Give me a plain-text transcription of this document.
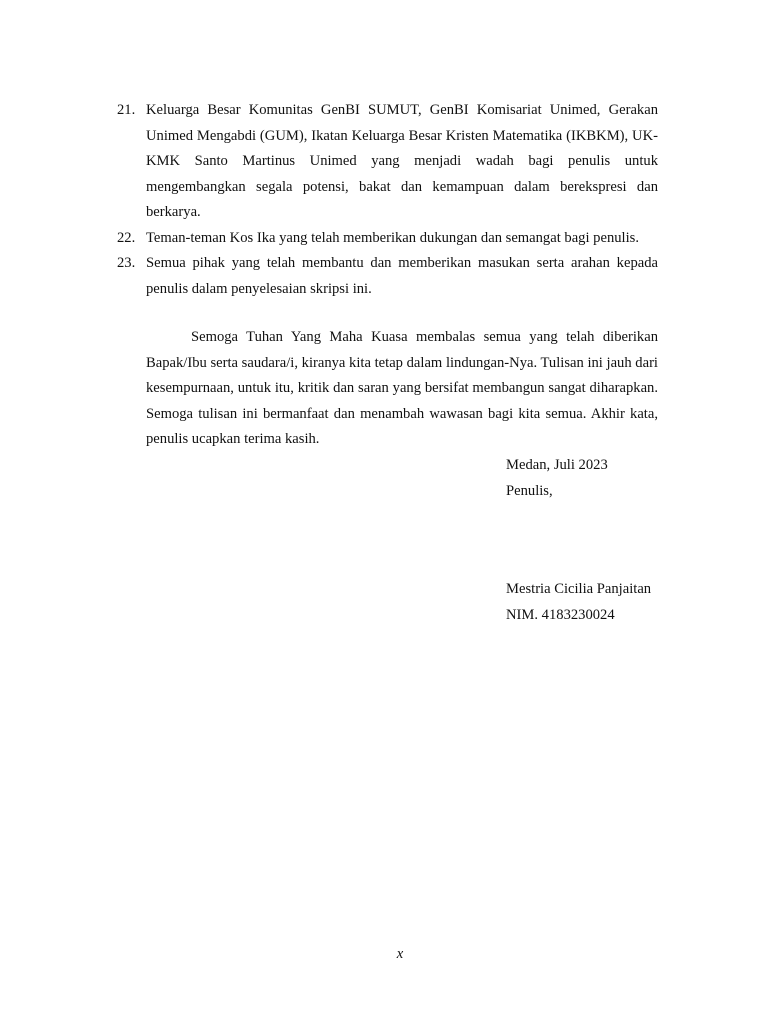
21. Keluarga Besar Komunitas GenBI SUMUT, GenBI Komisariat Unimed, Gerakan Unimed Mengabdi (GUM), Ikatan Keluarga Besar Kristen Matematika (IKBKM), UK-KMK Santo Martinus Unimed yang menjadi wadah bagi penulis untuk mengembangkan segala potensi, bakat dan kemampuan dalam berekspresi dan berkarya.
22. Teman-teman Kos Ika yang telah memberikan dukungan dan semangat bagi penulis.
23. Semua pihak yang telah membantu dan memberikan masukan serta arahan kepada penulis dalam penyelesaian skripsi ini.

Semoga Tuhan Yang Maha Kuasa membalas semua yang telah diberikan Bapak/Ibu serta saudara/i, kiranya kita tetap dalam lindungan-Nya. Tulisan ini jauh dari kesempurnaan, untuk itu, kritik dan saran yang bersifat membangun sangat diharapkan. Semoga tulisan ini bermanfaat dan menambah wawasan bagi kita semua. Akhir kata, penulis ucapkan terima kasih.

Medan, Juli 2023
Penulis,
Mestria Cicilia Panjaitan
NIM. 4183230024
x
